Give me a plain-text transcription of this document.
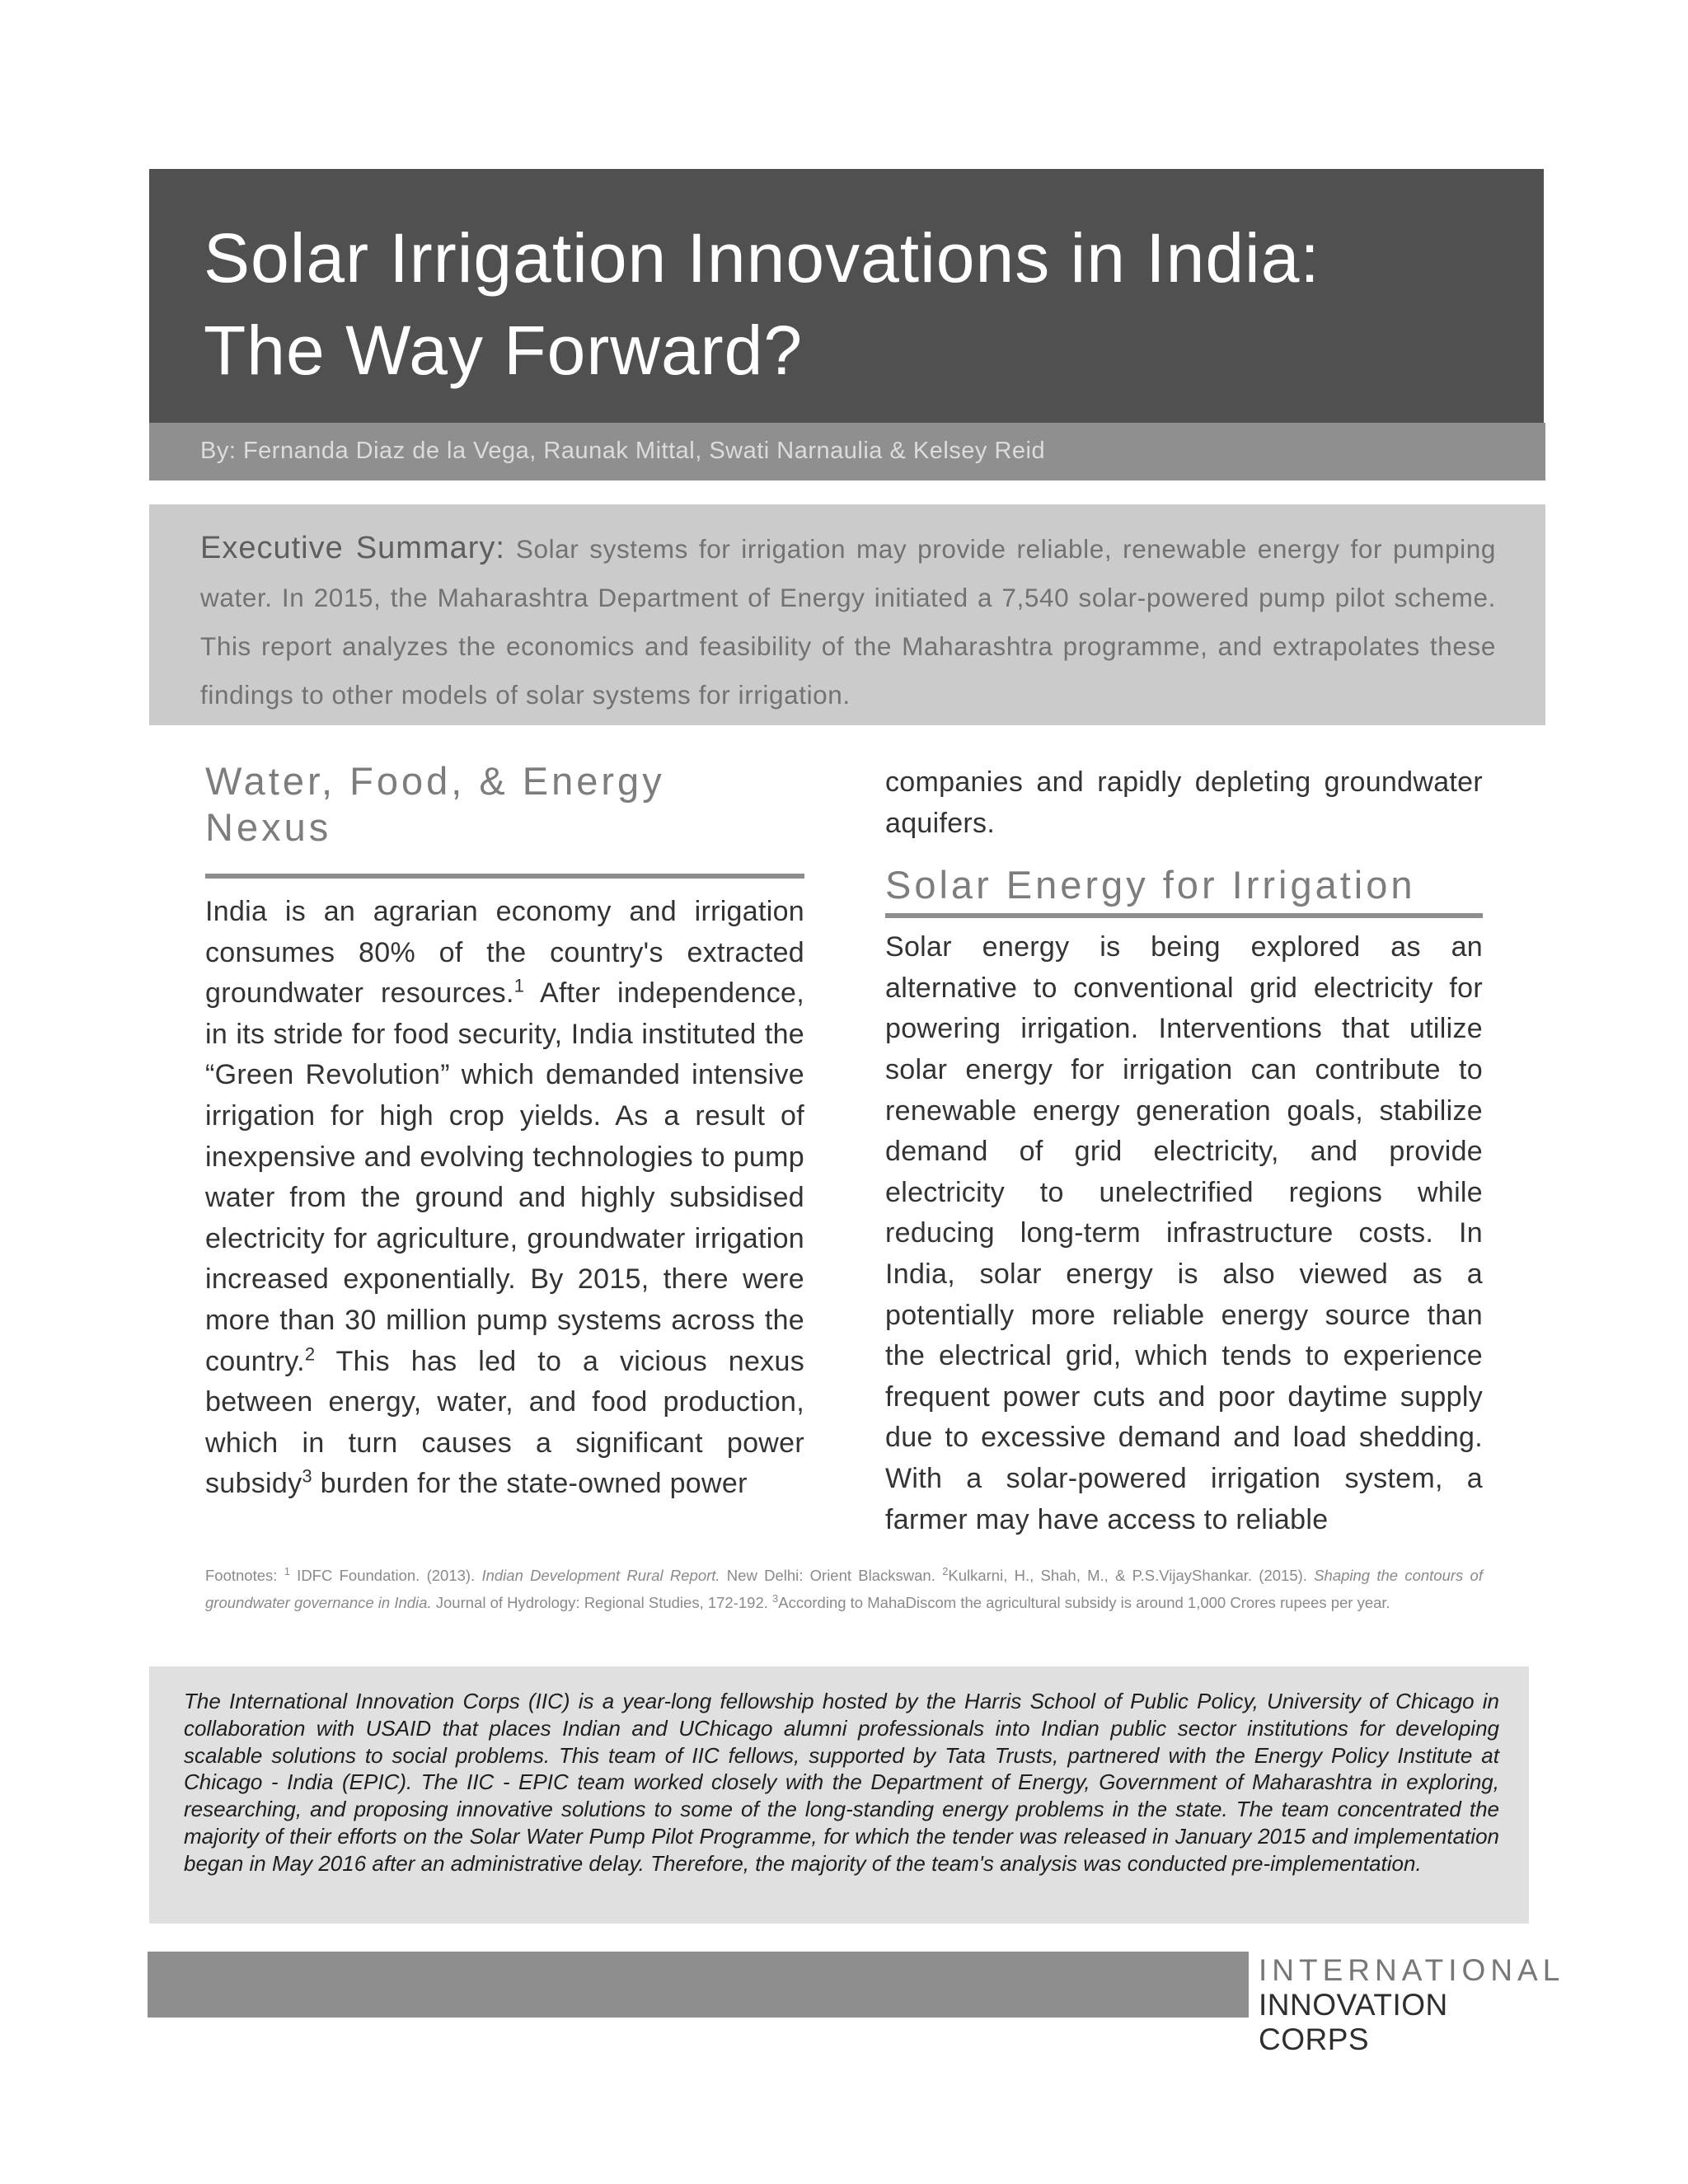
Solar Irrigation Innovations in India:
The Way Forward?
By: Fernanda Diaz de la Vega, Raunak Mittal, Swati Narnaulia & Kelsey Reid

Executive Summary: Solar systems for irrigation may provide reliable, renewable energy for pumping water. In 2015, the Maharashtra Department of Energy initiated a 7,540 solar-powered pump pilot scheme. This report analyzes the economics and feasibility of the Maharashtra programme, and extrapolates these findings to other models of solar systems for irrigation.

Water, Food, & Energy
Nexus

India is an agrarian economy and irrigation consumes 80% of the country's extracted groundwater resources.$^1$ After independence, in its stride for food security, India instituted the “Green Revolution” which demanded intensive irrigation for high crop yields. As a result of inexpensive and evolving technologies to pump water from the ground and highly subsidised electricity for agriculture, groundwater irrigation increased exponentially. By 2015, there were more than 30 million pump systems across the country.$^2$ This has led to a vicious nexus between energy, water, and food production, which in turn causes a significant power subsidy$^3$ burden for the state-owned power

companies and rapidly depleting groundwater aquifers.

Solar Energy for Irrigation

Solar energy is being explored as an alternative to conventional grid electricity for powering irrigation. Interventions that utilize solar energy for irrigation can contribute to renewable energy generation goals, stabilize demand of grid electricity, and provide electricity to unelectrified regions while reducing long-term infrastructure costs. In India, solar energy is also viewed as a potentially more reliable energy source than the electrical grid, which tends to experience frequent power cuts and poor daytime supply due to excessive demand and load shedding. With a solar-powered irrigation system, a farmer may have access to reliable

Footnotes: $^1$ IDFC Foundation. (2013). Indian Development Rural Report. New Delhi: Orient Blackswan. $^2$Kulkarni, H., Shah, M., & P.S.VijayShankar. (2015). Shaping the contours of groundwater governance in India. Journal of Hydrology: Regional Studies, 172-192. $^3$According to MahaDiscom the agricultural subsidy is around 1,000 Crores rupees per year.

The International Innovation Corps (IIC) is a year-long fellowship hosted by the Harris School of Public Policy, University of Chicago in collaboration with USAID that places Indian and UChicago alumni professionals into Indian public sector institutions for developing scalable solutions to social problems. This team of IIC fellows, supported by Tata Trusts, partnered with the Energy Policy Institute at Chicago - India (EPIC). The IIC - EPIC team worked closely with the Department of Energy, Government of Maharashtra in exploring, researching, and proposing innovative solutions to some of the long-standing energy problems in the state. The team concentrated the majority of their efforts on the Solar Water Pump Pilot Programme, for which the tender was released in January 2015 and implementation began in May 2016 after an administrative delay. Therefore, the majority of the team's analysis was conducted pre-implementation.

INTERNATIONAL
INNOVATION CORPS
